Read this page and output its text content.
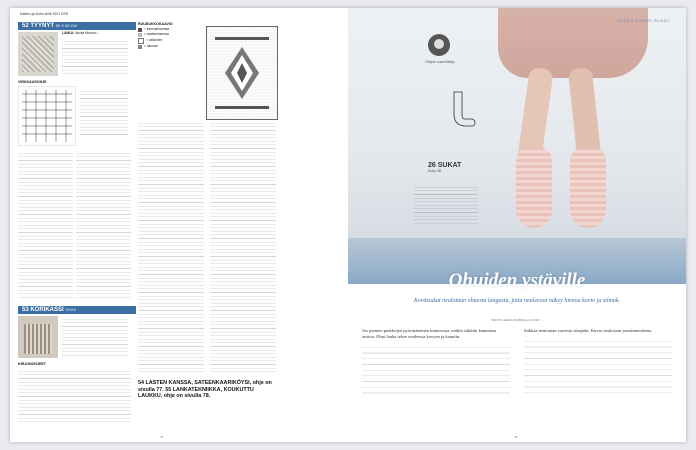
Kaiken-ja-Koko-lehti 2021 SSS
52 TYYNYT 50 X 50 CM

LANKA: Novita Muumio ...

VIRKKAUSOHJE
53 KORIKASSI XXXX
KIRJONOHJEET
RUUDUKKOKAAVIO
= tummanharmaa
= vaaleanharmaa
= valkoinen
= harmaa
54 LASTEN KANSSA, SATEENKAARIKÖYSI, ohje on sivulla 77. 55 LANKATEKNIIKKA, KOUKUTTU LAUKKU, ohje on sivulla 78.
74
VIIDES SINERI SUKAT
Ohjeen suunnittelija
26 SUKAT
Koko 38
Ohuiden ystäville
Kevätsukat neulotaan ohuesta langasta, jotta neuleessa näkyy hienoa kuvio ja silmuk.
TEKSTI LEENA NURMELA | KUVAT ...

Jos pienten puikkojen pyörittäminen kiinnostaa, näihin sukkiin kannattaa tarttua. Ohut lanka tekee neuleesta kevyen ja kauniin.

Sukkaa neulotaan varresta alaspäin. Kuvio neulotaan joustinneuleena.

75
